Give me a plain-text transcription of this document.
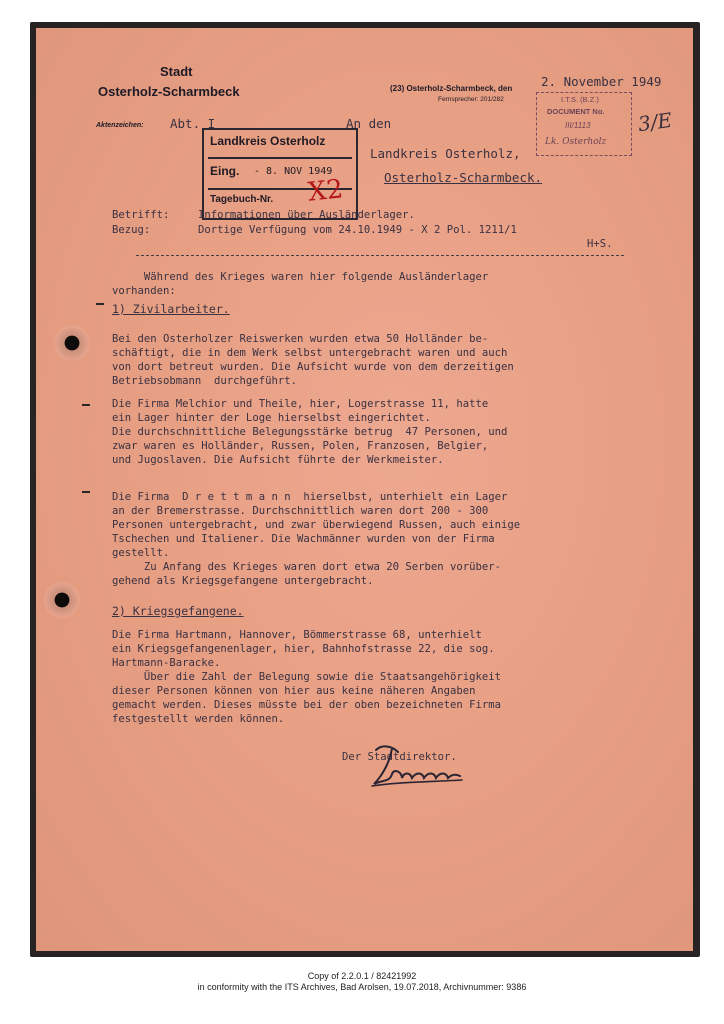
Stadt
Osterholz-Scharmbeck	(23) Osterholz-Scharmbeck, den
Fernsprecher: 201/282
2. November 1949
Aktenzeichen: Abt. I	An den
Landkreis Osterholz,
Osterholz-Scharmbeck.
Landkreis Osterholz
Eing. - 8. NOV 1949
Tagebuch-Nr. X2
I.T.S. (B.Z.)
DOCUMENT No.
III/1113
Lk. Osterholz
3/E
Betrifft:	Informationen über Ausländerlager.
Bezug:	Dortige Verfügung vom 24.10.1949 - X 2 Pol. 1211/1
H+S.
Während des Krieges waren hier folgende Ausländerlager
vorhanden:
1) Zivilarbeiter.
Bei den Osterholzer Reiswerken wurden etwa 50 Holländer be-
schäftigt, die in dem Werk selbst untergebracht waren und auch
von dort betreut wurden. Die Aufsicht wurde von dem derzeitigen
Betriebsobmann  durchgeführt.
Die Firma Melchior und Theile, hier, Logerstrasse 11, hatte
ein Lager hinter der Loge hierselbst eingerichtet.
Die durchschnittliche Belegungsstärke betrug  47 Personen, und
zwar waren es Holländer, Russen, Polen, Franzosen, Belgier,
und Jugoslaven. Die Aufsicht führte der Werkmeister.
Die Firma  D r e t t m a n n  hierselbst, unterhielt ein Lager
an der Bremerstrasse. Durchschnittlich waren dort 200 - 300
Personen untergebracht, und zwar überwiegend Russen, auch einige
Tschechen und Italiener. Die Wachmänner wurden von der Firma
gestellt.
Zu Anfang des Krieges waren dort etwa 20 Serben vorüber-
gehend als Kriegsgefangene untergebracht.
2) Kriegsgefangene.
Die Firma Hartmann, Hannover, Bömmerstrasse 68, unterhielt
ein Kriegsgefangenenlager, hier, Bahnhofstrasse 22, die sog.
Hartmann-Baracke.
Über die Zahl der Belegung sowie die Staatsangehörigkeit
dieser Personen können von hier aus keine näheren Angaben
gemacht werden. Dieses müsste bei der oben bezeichneten Firma
festgestellt werden können.
Der Stadtdirektor.
Copy of 2.2.0.1 / 82421992
in conformity with the ITS Archives, Bad Arolsen, 19.07.2018, Archivnummer: 9386
